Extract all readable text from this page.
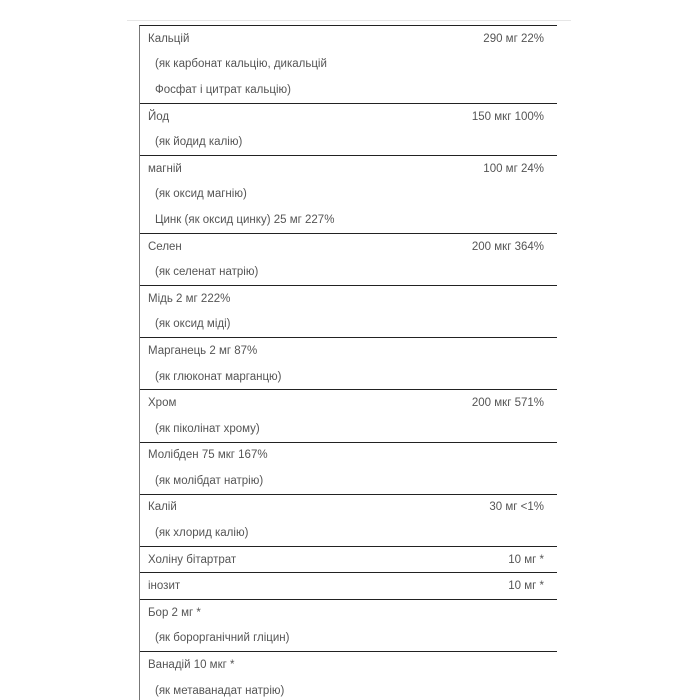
Кальцій	290 мг 22%
(як карбонат кальцію, дикальцій
Фосфат і цитрат кальцію)
Йод	150 мкг 100%
(як йодид калію)
магній	100 мг 24%
(як оксид магнію)
Цинк (як оксид цинку) 25 мг 227%
Селен	200 мкг 364%
(як селенат натрію)
Мідь 2 мг 222%
(як оксид міді)
Марганець 2 мг 87%
(як глюконат марганцю)
Хром	200 мкг 571%
(як піколінат хрому)
Молібден 75 мкг 167%
(як молібдат натрію)
Калій	30 мг <1%
(як хлорид калію)
Холіну бітартрат	10 мг *
інозит	10 мг *
Бор 2 мг *
(як борорганічний гліцин)
Ванадій 10 мкг *
(як метаванадат натрію)
